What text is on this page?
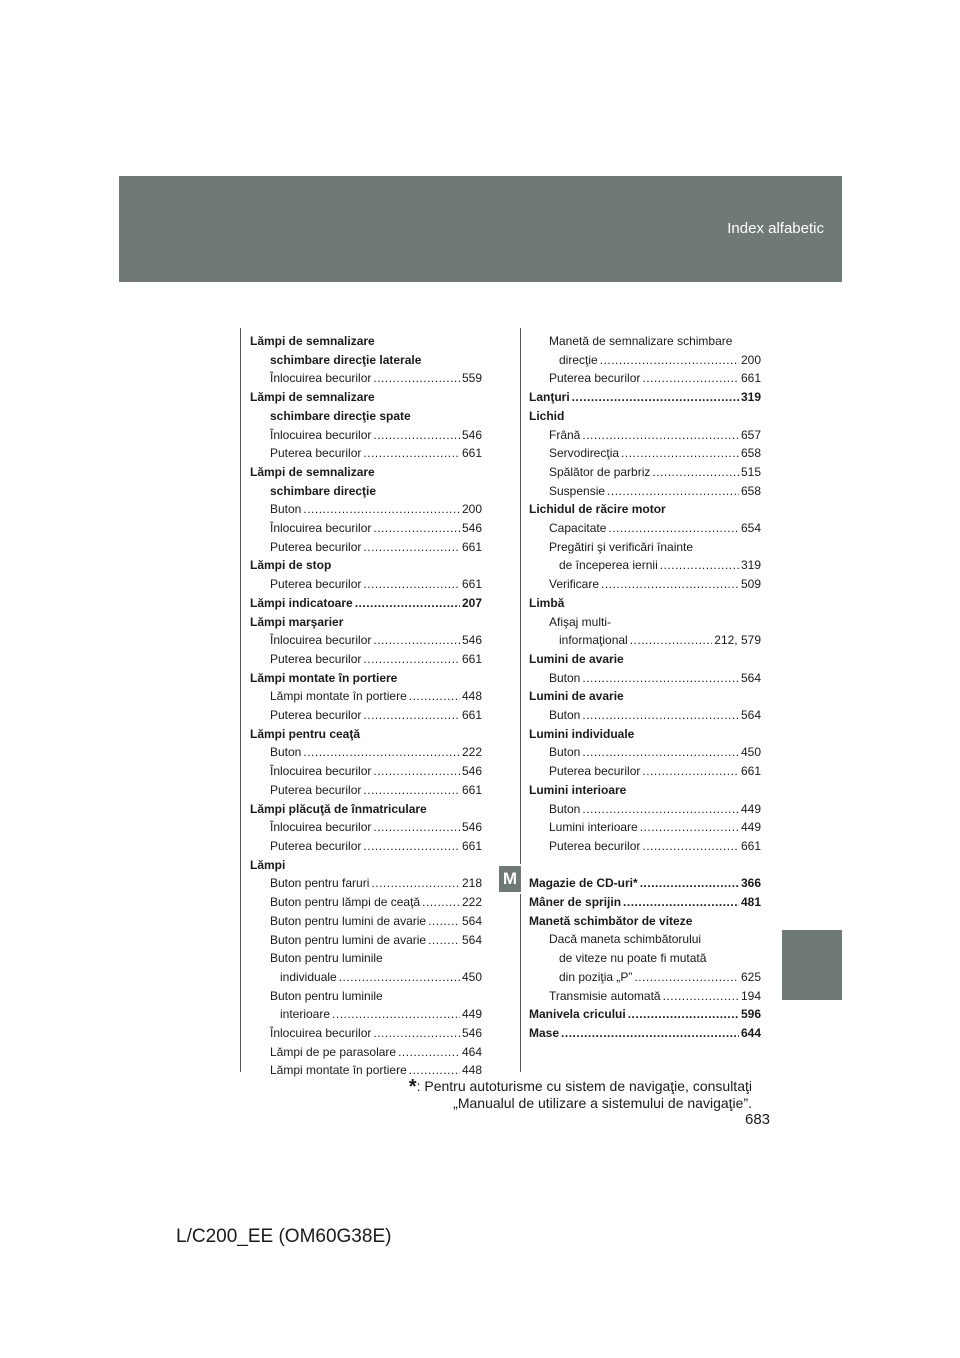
Index alfabetic
M
Lămpi de semnalizare
schimbare direcţie laterale
Înlocuirea becurilor .....	559
Lămpi de semnalizare
schimbare direcţie spate
Înlocuirea becurilor .....	546
Puterea becurilor .....	661
Lămpi de semnalizare
schimbare direcţie
Buton .....	200
Înlocuirea becurilor .....	546
Puterea becurilor .....	661
Lămpi de stop
Puterea becurilor .....	661
Lămpi indicatoare .....	207
Lămpi marşarier
Înlocuirea becurilor .....	546
Puterea becurilor .....	661
Lămpi montate în portiere
Lămpi montate în portiere .....	448
Puterea becurilor .....	661
Lămpi pentru ceaţă
Buton .....	222
Înlocuirea becurilor .....	546
Puterea becurilor .....	661
Lămpi plăcuţă de înmatriculare
Înlocuirea becurilor .....	546
Puterea becurilor .....	661
Lămpi
Buton pentru faruri .....	218
Buton pentru lămpi de ceaţă .....	222
Buton pentru lumini de avarie .....	564
Buton pentru lumini de avarie .....	564
Buton pentru luminile
individuale .....	450
Buton pentru luminile
interioare .....	449
Înlocuirea becurilor .....	546
Lămpi de pe parasolare .....	464
Lămpi montate în portiere .....	448
Manetă de semnalizare schimbare
direcţie .....	200
Puterea becurilor .....	661
Lanţuri .....	319
Lichid
Frână .....	657
Servodirecţia .....	658
Spălător de parbriz .....	515
Suspensie .....	658
Lichidul de răcire motor
Capacitate .....	654
Pregătiri şi verificări înainte
de începerea iernii .....	319
Verificare .....	509
Limbă
Afişaj multi-
informaţional .....	212, 579
Lumini de avarie
Buton .....	564
Lumini de avarie
Buton .....	564
Lumini individuale
Buton .....	450
Puterea becurilor .....	661
Lumini interioare
Buton .....	449
Lumini interioare .....	449
Puterea becurilor .....	661
Magazie de CD-uri* .....	366
Mâner de sprijin .....	481
Manetă schimbător de viteze
Dacă maneta schimbătorului
de viteze nu poate fi mutată
din poziţia „P” .....	625
Transmisie automată .....	194
Manivela cricului .....	596
Mase .....	644
*: Pentru autoturisme cu sistem de navigaţie, consultaţi
„Manualul de utilizare a sistemului de navigaţie”.
683
L/C200_EE (OM60G38E)
